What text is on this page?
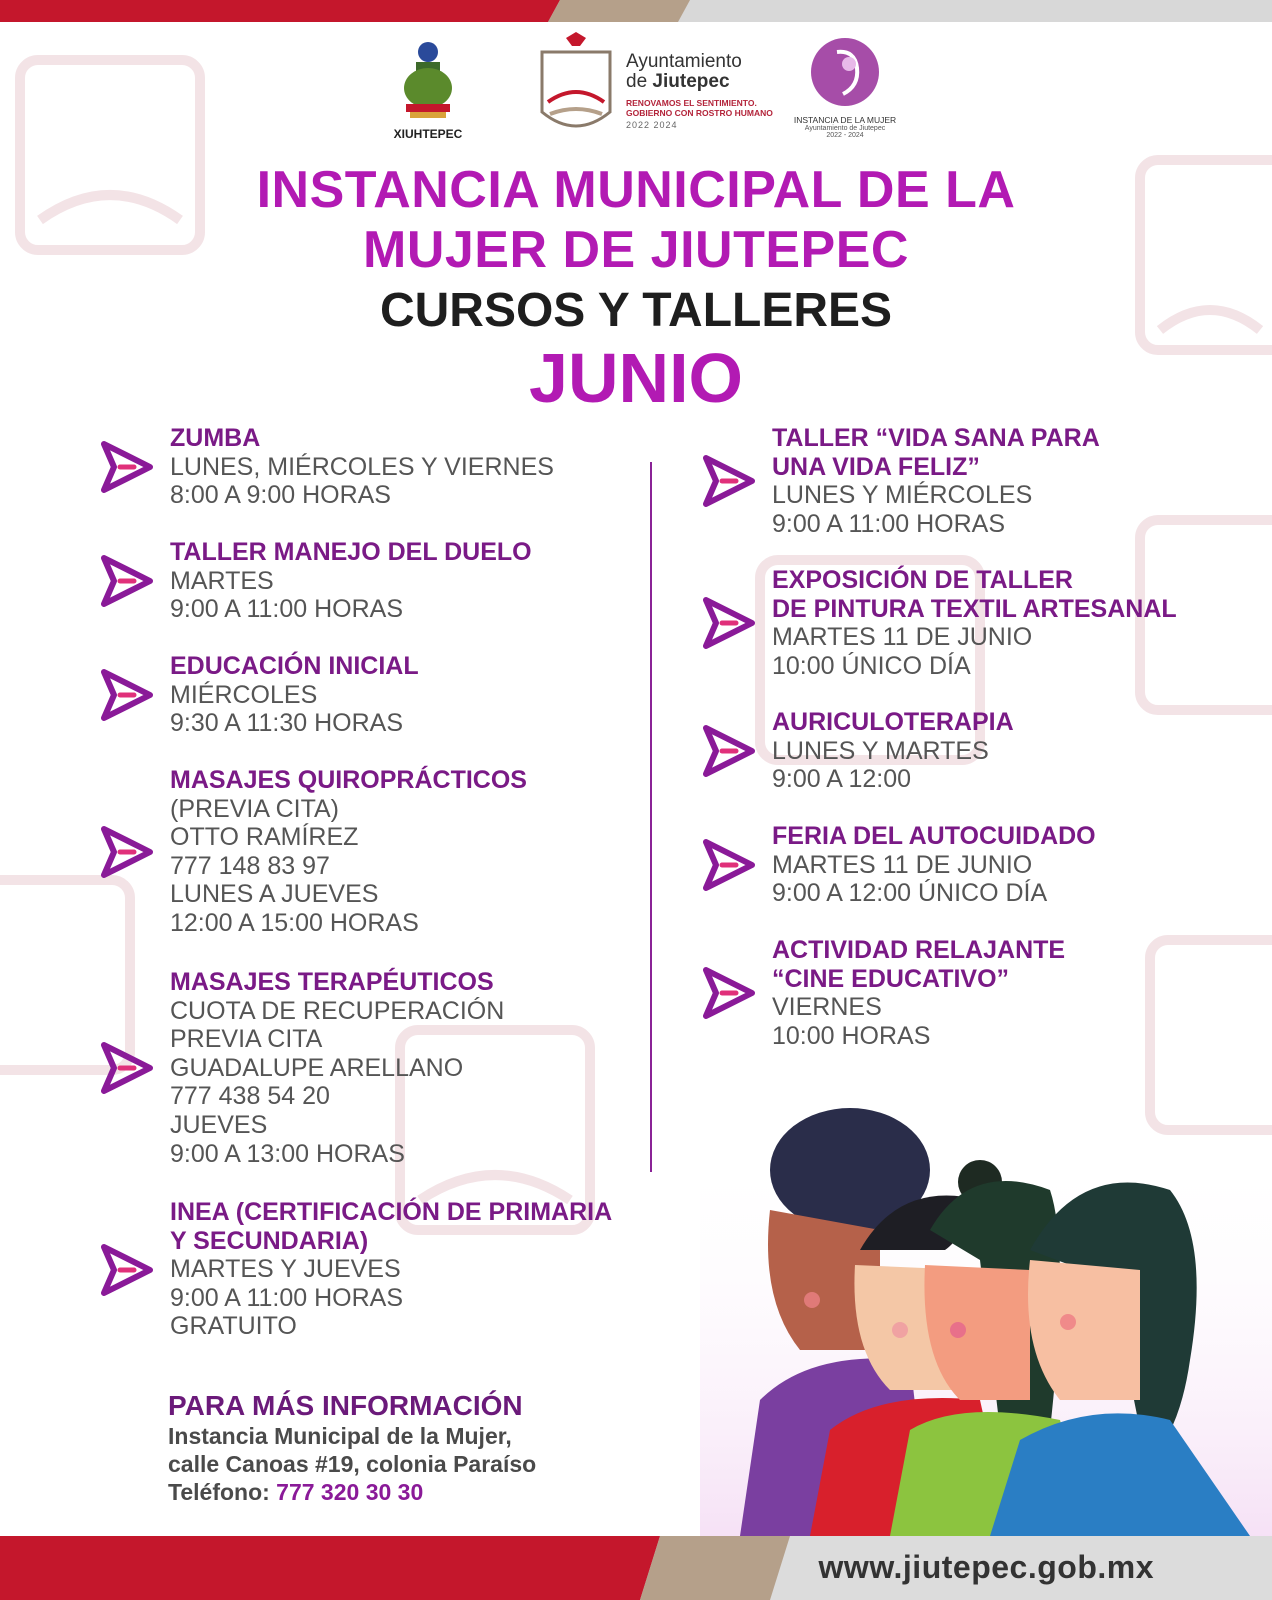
XIUHTEPEC
Ayuntamiento
de Jiutepec
RENOVAMOS EL SENTIMIENTO.
GOBIERNO CON ROSTRO HUMANO
2022 2024	INSTANCIA DE LA MUJER
Ayuntamiento de Jiutepec
2022 - 2024
INSTANCIA MUNICIPAL DE LA
MUJER DE JIUTEPEC
CURSOS Y TALLERES
JUNIO
ZUMBA
LUNES, MIÉRCOLES Y VIERNES
8:00 A 9:00 HORAS
TALLER MANEJO DEL DUELO
MARTES
9:00 A 11:00 HORAS
EDUCACIÓN INICIAL
MIÉRCOLES
9:30 A 11:30 HORAS
MASAJES QUIROPRÁCTICOS
(PREVIA CITA)
OTTO RAMÍREZ
777 148 83 97
LUNES A JUEVES
12:00 A 15:00 HORAS
MASAJES TERAPÉUTICOS
CUOTA DE RECUPERACIÓN
PREVIA CITA
GUADALUPE ARELLANO
777 438 54 20
JUEVES
9:00 A 13:00 HORAS
INEA (CERTIFICACIÓN DE PRIMARIA
Y SECUNDARIA)
MARTES Y JUEVES
9:00 A 11:00 HORAS
GRATUITO
TALLER “VIDA SANA PARA
UNA VIDA FELIZ”
LUNES Y MIÉRCOLES
9:00 A 11:00 HORAS
EXPOSICIÓN DE TALLER
DE PINTURA TEXTIL ARTESANAL
MARTES 11 DE JUNIO
10:00 ÚNICO DÍA
AURICULOTERAPIA
LUNES Y MARTES
9:00 A 12:00
FERIA DEL AUTOCUIDADO
MARTES 11 DE JUNIO
9:00 A 12:00 ÚNICO DÍA
ACTIVIDAD RELAJANTE
“CINE EDUCATIVO”
VIERNES
10:00 HORAS
PARA MÁS INFORMACIÓN
Instancia Municipal de la Mujer,
calle Canoas #19, colonia Paraíso
Teléfono: 777 320 30 30
www.jiutepec.gob.mx
